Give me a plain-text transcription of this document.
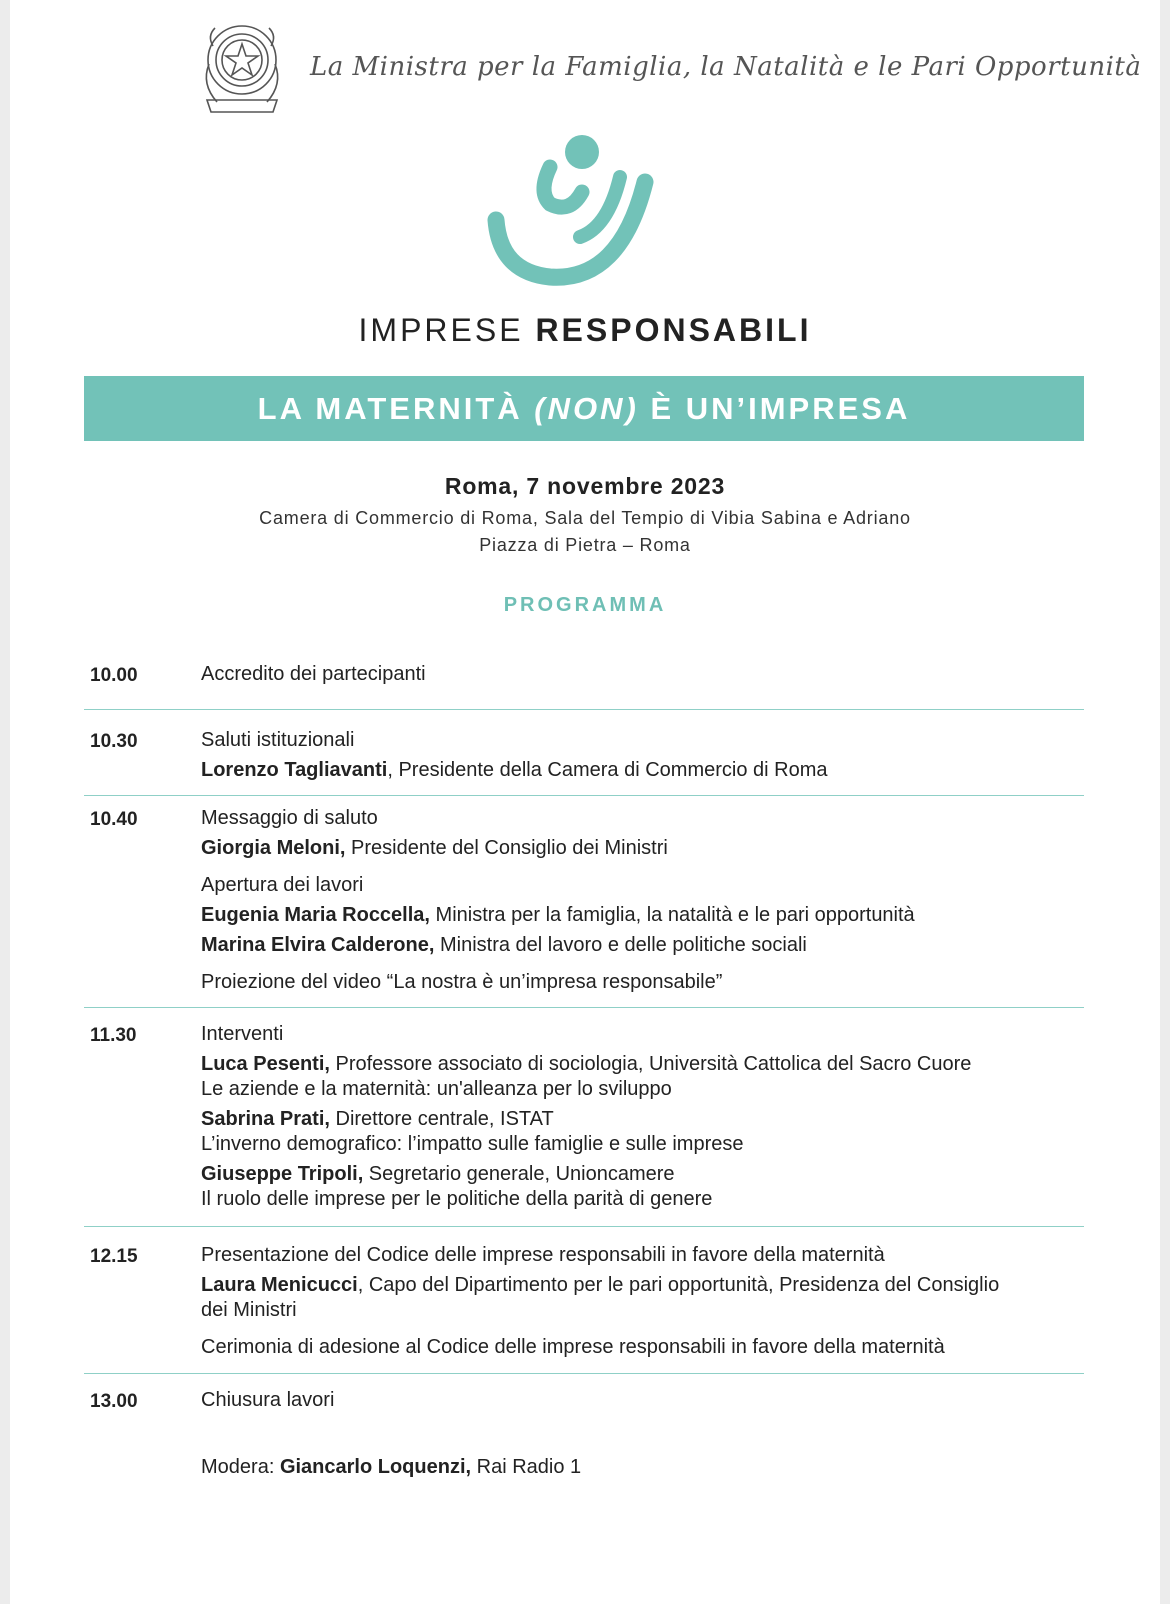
La Ministra per la Famiglia, la Natalità e le Pari Opportunità
IMPRESE RESPONSABILI
LA MATERNITÀ (NON) È UN’IMPRESA
Roma, 7 novembre 2023
Camera di Commercio di Roma, Sala del Tempio di Vibia Sabina e Adriano
Piazza di Pietra – Roma
PROGRAMMA
10.00	Accredito dei partecipanti
10.30	Saluti istituzionali
Lorenzo Tagliavanti, Presidente della Camera di Commercio di Roma
10.40	Messaggio di saluto
Giorgia Meloni, Presidente del Consiglio dei Ministri
Apertura dei lavori
Eugenia Maria Roccella, Ministra per la famiglia, la natalità e le pari opportunità
Marina Elvira Calderone, Ministra del lavoro e delle politiche sociali
Proiezione del video “La nostra è un’impresa responsabile”
11.30	Interventi
Luca Pesenti, Professore associato di sociologia, Università Cattolica del Sacro Cuore
Le aziende e la maternità: un'alleanza per lo sviluppo
Sabrina Prati, Direttore centrale, ISTAT
L’inverno demografico: l’impatto sulle famiglie e sulle imprese
Giuseppe Tripoli, Segretario generale, Unioncamere
Il ruolo delle imprese per le politiche della parità di genere
12.15	Presentazione del Codice delle imprese responsabili in favore della maternità
Laura Menicucci, Capo del Dipartimento per le pari opportunità, Presidenza del Consiglio
dei Ministri
Cerimonia di adesione al Codice delle imprese responsabili in favore della maternità
13.00	Chiusura lavori
Modera: Giancarlo Loquenzi, Rai Radio 1
